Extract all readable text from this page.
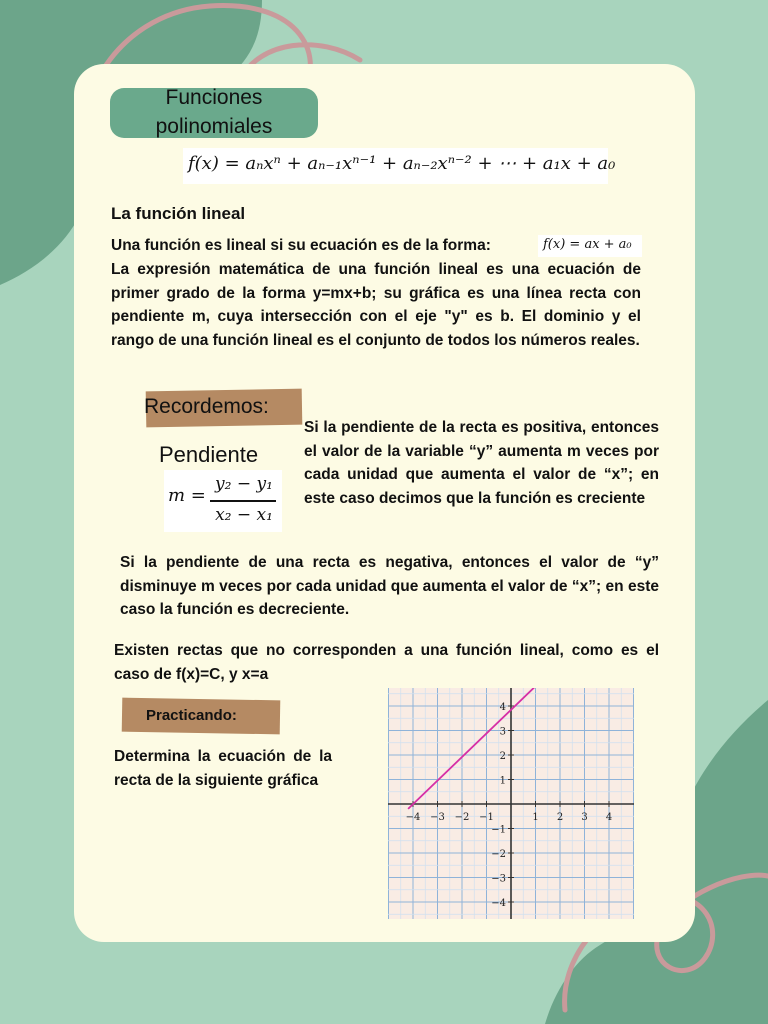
Funciones
polinomiales
f(x) = aₙxⁿ + aₙ₋₁xⁿ⁻¹ + aₙ₋₂xⁿ⁻² + ⋯ + a₁x + a₀
La función lineal
Una función es lineal si su ecuación es de la forma:	f(x) = ax + a₀
La expresión matemática de una función lineal es una ecuación de primer grado de la forma y=mx+b; su gráfica es una línea recta con pendiente m, cuya intersección con el eje "y" es b. El dominio y el rango de una función lineal es el conjunto de todos los números reales.
Recordemos:
Pendiente
m =
y₂ − y₁
x₂ − x₁
Si la pendiente de la recta es positiva, entonces el valor de la variable “y” aumenta m veces por cada unidad que aumenta el valor de “x”; en este caso decimos que la función es creciente
Si la pendiente de una recta es negativa, entonces el valor de “y” disminuye m veces por cada unidad que aumenta el valor de “x”; en este caso la función es decreciente.
Existen rectas que no corresponden a una función lineal, como es el caso de f(x)=C, y x=a
Practicando:
Determina la ecuación de la recta de la siguiente gráfica
−4 −3 −2 −1	1 2 3 4
4
3
2
1
−1
−2
−3
−4
